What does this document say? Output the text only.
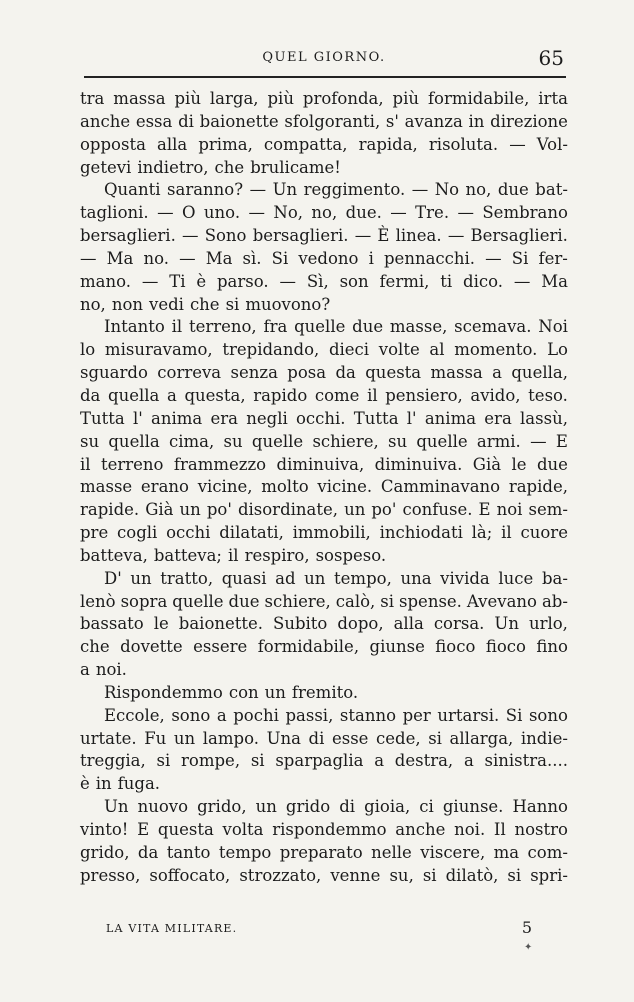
QUEL GIORNO.	65
tra massa più larga, più profonda, più formidabile, irta
anche essa di baionette sfolgoranti, s' avanza in direzione
opposta alla prima, compatta, rapida, risoluta. — Vol-
getevi indietro, che brulicame!
Quanti saranno? — Un reggimento. — No no, due bat-
taglioni. — O uno. — No, no, due. — Tre. — Sembrano
bersaglieri. — Sono bersaglieri. — È linea. — Bersaglieri.
— Ma no. — Ma sì. Si vedono i pennacchi. — Si fer-
mano. — Ti è parso. — Sì, son fermi, ti dico. — Ma
no, non vedi che si muovono?
Intanto il terreno, fra quelle due masse, scemava. Noi
lo misuravamo, trepidando, dieci volte al momento. Lo
sguardo correva senza posa da questa massa a quella,
da quella a questa, rapido come il pensiero, avido, teso.
Tutta l' anima era negli occhi. Tutta l' anima era lassù,
su quella cima, su quelle schiere, su quelle armi. — E
il terreno frammezzo diminuiva, diminuiva. Già le due
masse erano vicine, molto vicine. Camminavano rapide,
rapide. Già un po' disordinate, un po' confuse. E noi sem-
pre cogli occhi dilatati, immobili, inchiodati là; il cuore
batteva, batteva; il respiro, sospeso.
D' un tratto, quasi ad un tempo, una vivida luce ba-
lenò sopra quelle due schiere, calò, si spense. Avevano ab-
bassato le baionette. Subito dopo, alla corsa. Un urlo,
che dovette essere formidabile, giunse fioco fioco fino
a noi.
Rispondemmo con un fremito.
Eccole, sono a pochi passi, stanno per urtarsi. Si sono
urtate. Fu un lampo. Una di esse cede, si allarga, indie-
treggia, si rompe, si sparpaglia a destra, a sinistra....
è in fuga.
Un nuovo grido, un grido di gioia, ci giunse. Hanno
vinto! E questa volta rispondemmo anche noi. Il nostro
grido, da tanto tempo preparato nelle viscere, ma com-
presso, soffocato, strozzato, venne su, si dilatò, si spri-
LA VITA MILITARE.	5
✦
